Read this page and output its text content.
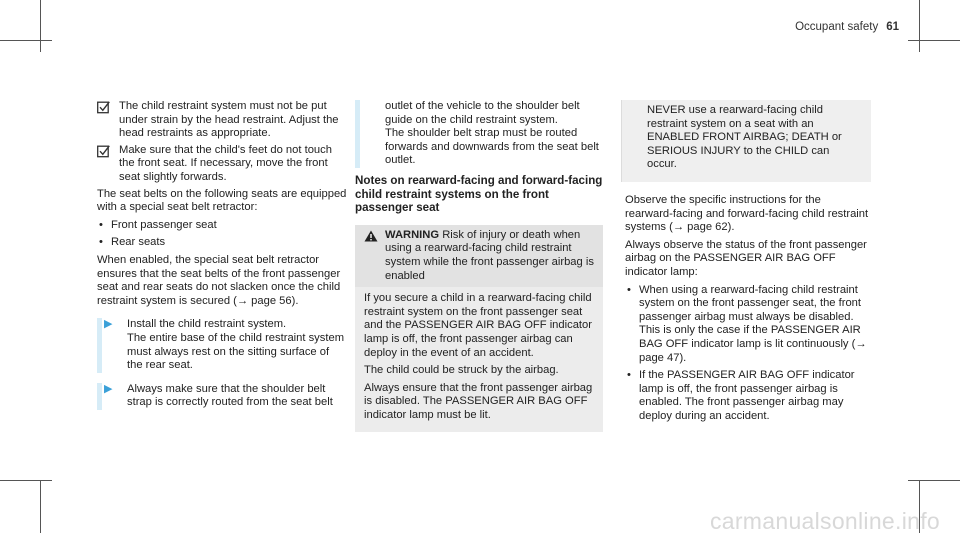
Occupant safety 61
The child restraint system must not be put under strain by the head restraint. Adjust the head restraints as appropriate.
Make sure that the child's feet do not touch the front seat. If necessary, move the front seat slightly forwards.

The seat belts on the following seats are equipped with a special seat belt retractor:

• Front passenger seat
• Rear seats

When enabled, the special seat belt retractor ensures that the seat belts of the front passenger seat and rear seats do not slacken once the child restraint system is secured (→ page 56).

▶ Install the child restraint system.
The entire base of the child restraint system must always rest on the sitting surface of the rear seat.
▶ Always make sure that the shoulder belt strap is correctly routed from the seat belt
outlet of the vehicle to the shoulder belt guide on the child restraint system.
The shoulder belt strap must be routed forwards and downwards from the seat belt outlet.
Notes on rearward-facing and forward-facing child restraint systems on the front passenger seat
WARNING Risk of injury or death when using a rearward-facing child restraint system while the front passenger airbag is enabled

If you secure a child in a rearward-facing child restraint system on the front passenger seat and the PASSENGER AIR BAG OFF indicator lamp is off, the front passenger airbag can deploy in the event of an accident.

The child could be struck by the airbag.

Always ensure that the front passenger airbag is disabled. The PASSENGER AIR BAG OFF indicator lamp must be lit.

NEVER use a rearward-facing child restraint system on a seat with an ENABLED FRONT AIRBAG; DEATH or SERIOUS INJURY to the CHILD can occur.

Observe the specific instructions for the rearward-facing and forward-facing child restraint systems (→ page 62).

Always observe the status of the front passenger airbag on the PASSENGER AIR BAG OFF indicator lamp:

• When using a rearward-facing child restraint system on the front passenger seat, the front passenger airbag must always be disabled. This is only the case if the PASSENGER AIR BAG OFF indicator lamp is lit continuously (→ page 47).
• If the PASSENGER AIR BAG OFF indicator lamp is off, the front passenger airbag is enabled. The front passenger airbag may deploy during an accident.
carmanualsonline.info
